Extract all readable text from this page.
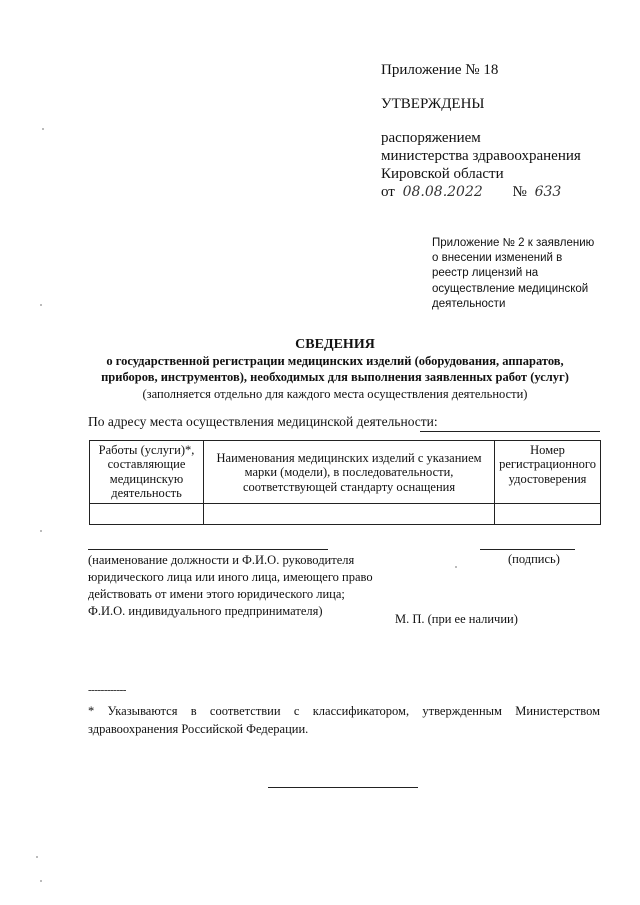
Приложение № 18
УТВЕРЖДЕНЫ
распоряжением
министерства здравоохранения
Кировской области
от 08.08.2022 № 633
Приложение № 2 к заявлению
о внесении изменений в
реестр лицензий на
осуществление медицинской
деятельности
СВЕДЕНИЯ
о государственной регистрации медицинских изделий (оборудования, аппаратов,
приборов, инструментов), необходимых для выполнения заявленных работ (услуг)
(заполняется отдельно для каждого места осуществления деятельности)
По адресу места осуществления медицинской деятельности:
Работы (услуги)*, составляющие медицинскую деятельность	Наименования медицинских изделий с указанием марки (модели), в последовательности, соответствующей стандарту оснащения	Номер регистрационного удостоверения

(наименование должности и Ф.И.О. руководителя
юридического лица или иного лица, имеющего право
действовать от имени этого юридического лица;
Ф.И.О. индивидуального предпринимателя)
(подпись)
М. П. (при ее наличии)
------------
* Указываются в соответствии с классификатором, утвержденным Министерством здравоохранения Российской Федерации.
